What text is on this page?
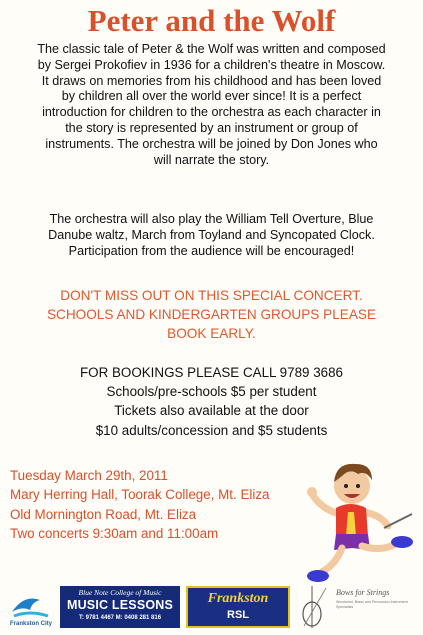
Peter and the Wolf
The classic tale of Peter & the Wolf was written and composed
by Sergei Prokofiev in 1936 for a children's theatre in Moscow.
It draws on memories from his childhood and has been loved
by children all over the world ever since! It is a perfect
introduction for children to the orchestra as each character in
the story is represented by an instrument or group of
instruments. The orchestra will be joined by Don Jones who
will narrate the story.
The orchestra will also play the William Tell Overture, Blue
Danube waltz, March from Toyland and Syncopated Clock.
Participation from the audience will be encouraged!
DON'T MISS OUT ON THIS SPECIAL CONCERT.
SCHOOLS AND KINDERGARTEN GROUPS PLEASE
BOOK EARLY.
FOR BOOKINGS PLEASE CALL 9789 3686
Schools/pre-schools $5 per student
Tickets also available at the door
$10 adults/concession and $5 students
Tuesday March 29th, 2011
Mary Herring Hall, Toorak College, Mt. Eliza
Old Mornington Road, Mt. Eliza
Two concerts 9:30am and 11:00am
Frankston City
Blue Note College of Music
MUSIC LESSONS
T: 9781 4467 M: 0408 281 816
Frankston
RSL
Bows for Strings
Woodwind, Brass and Percussion Instrument Specialists
